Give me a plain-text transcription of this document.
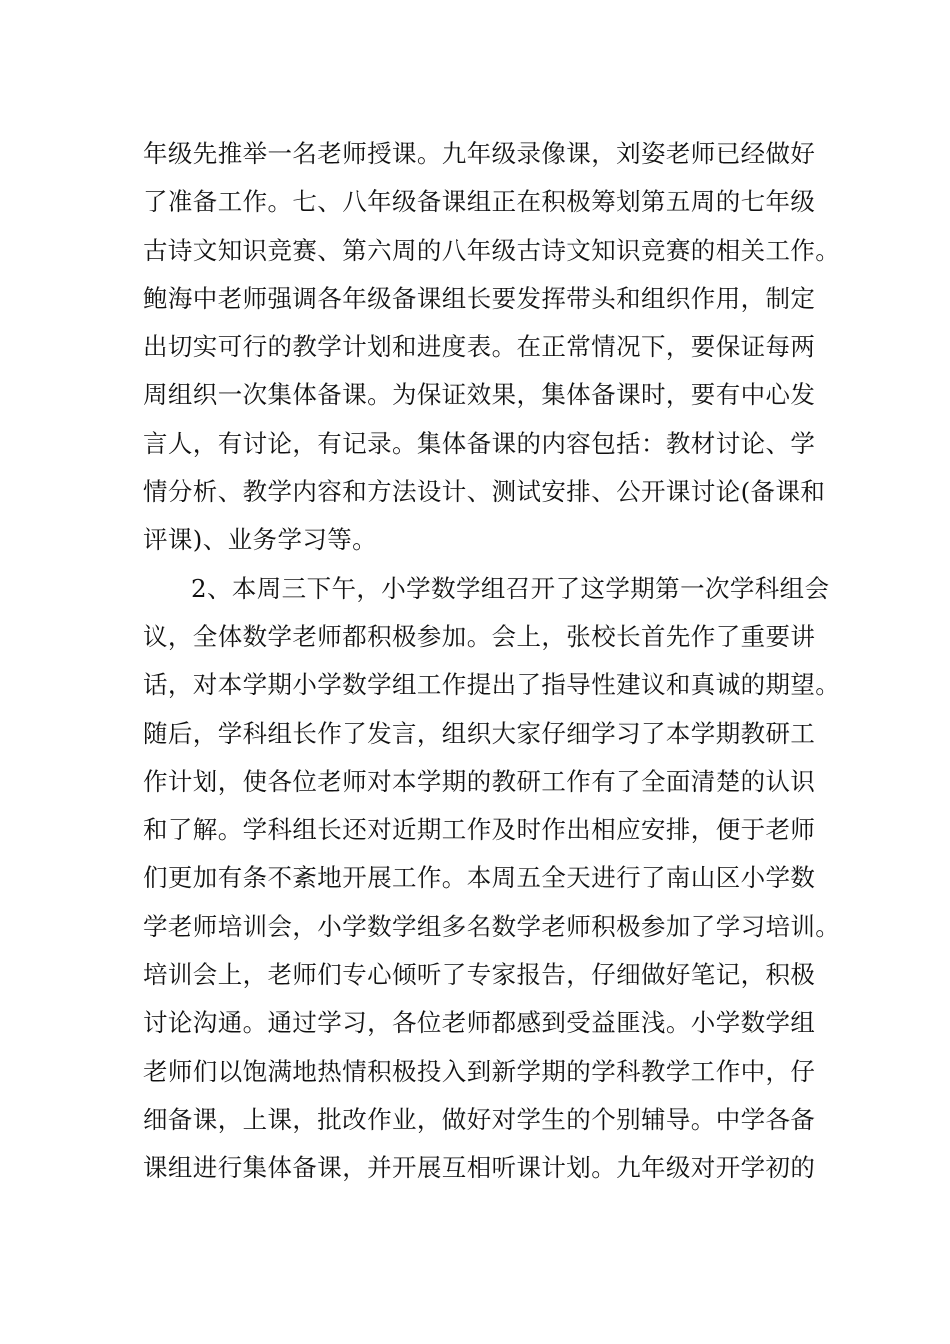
年级先推举一名老师授课。九年级录像课，刘姿老师已经做好
了准备工作。七、八年级备课组正在积极筹划第五周的七年级
古诗文知识竞赛、第六周的八年级古诗文知识竞赛的相关工作。
鲍海中老师强调各年级备课组长要发挥带头和组织作用，制定
出切实可行的教学计划和进度表。在正常情况下，要保证每两
周组织一次集体备课。为保证效果，集体备课时，要有中心发
言人，有讨论，有记录。集体备课的内容包括：教材讨论、学
情分析、教学内容和方法设计、测试安排、公开课讨论(备课和
评课)、业务学习等。
2、本周三下午，小学数学组召开了这学期第一次学科组会
议，全体数学老师都积极参加。会上，张校长首先作了重要讲
话，对本学期小学数学组工作提出了指导性建议和真诚的期望。
随后，学科组长作了发言，组织大家仔细学习了本学期教研工
作计划，使各位老师对本学期的教研工作有了全面清楚的认识
和了解。学科组长还对近期工作及时作出相应安排，便于老师
们更加有条不紊地开展工作。本周五全天进行了南山区小学数
学老师培训会，小学数学组多名数学老师积极参加了学习培训。
培训会上，老师们专心倾听了专家报告，仔细做好笔记，积极
讨论沟通。通过学习，各位老师都感到受益匪浅。小学数学组
老师们以饱满地热情积极投入到新学期的学科教学工作中，仔
细备课，上课，批改作业，做好对学生的个别辅导。中学各备
课组进行集体备课，并开展互相听课计划。九年级对开学初的
